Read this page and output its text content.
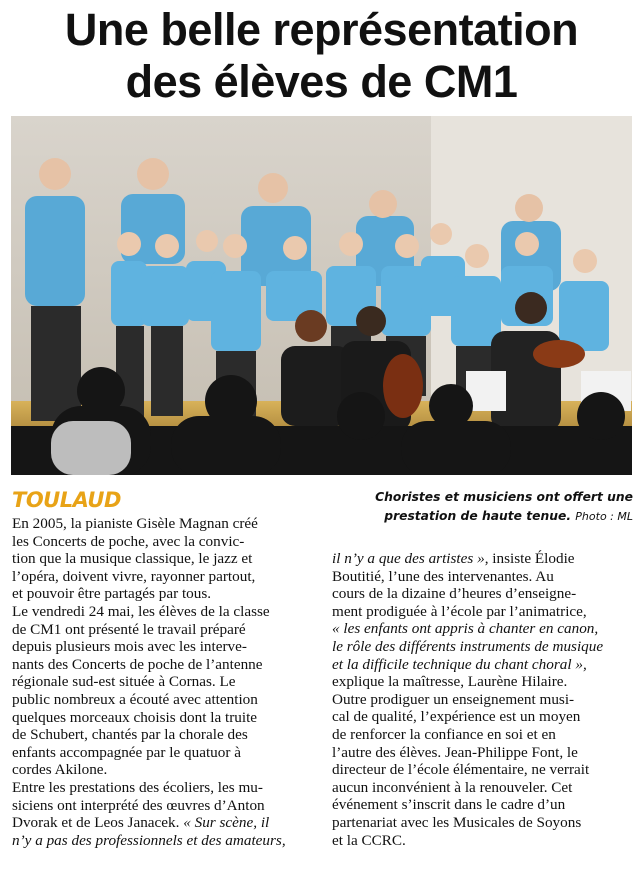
Une belle représentation
des élèves de CM1
TOULAUD	Choristes et musiciens ont offert une
prestation de haute tenue. Photo : ML
En 2005, la pianiste Gisèle Magnan créé
les Concerts de poche, avec la convic-
tion que la musique classique, le jazz et
l’opéra, doivent vivre, rayonner partout,
et pouvoir être partagés par tous.
Le vendredi 24 mai, les élèves de la classe
de CM1 ont présenté le travail préparé
depuis plusieurs mois avec les interve-
nants des Concerts de poche de l’antenne
régionale sud-est située à Cornas. Le
public nombreux a écouté avec attention
quelques morceaux choisis dont la truite
de Schubert, chantés par la chorale des
enfants accompagnée par le quatuor à
cordes Akilone.
Entre les prestations des écoliers, les mu-
siciens ont interprété des œuvres d’Anton
Dvorak et de Leos Janacek. « Sur scène, il
n’y a pas des professionnels et des amateurs,
il n’y a que des artistes », insiste Élodie
Boutitié, l’une des intervenantes. Au
cours de la dizaine d’heures d’enseigne-
ment prodiguée à l’école par l’animatrice,
« les enfants ont appris à chanter en canon,
le rôle des différents instruments de musique
et la difficile technique du chant choral »,
explique la maîtresse, Laurène Hilaire.
Outre prodiguer un enseignement musi-
cal de qualité, l’expérience est un moyen
de renforcer la confiance en soi et en
l’autre des élèves. Jean-Philippe Font, le
directeur de l’école élémentaire, ne verrait
aucun inconvénient à la renouveler. Cet
événement s’inscrit dans le cadre d’un
partenariat avec les Musicales de Soyons
et la CCRC.
